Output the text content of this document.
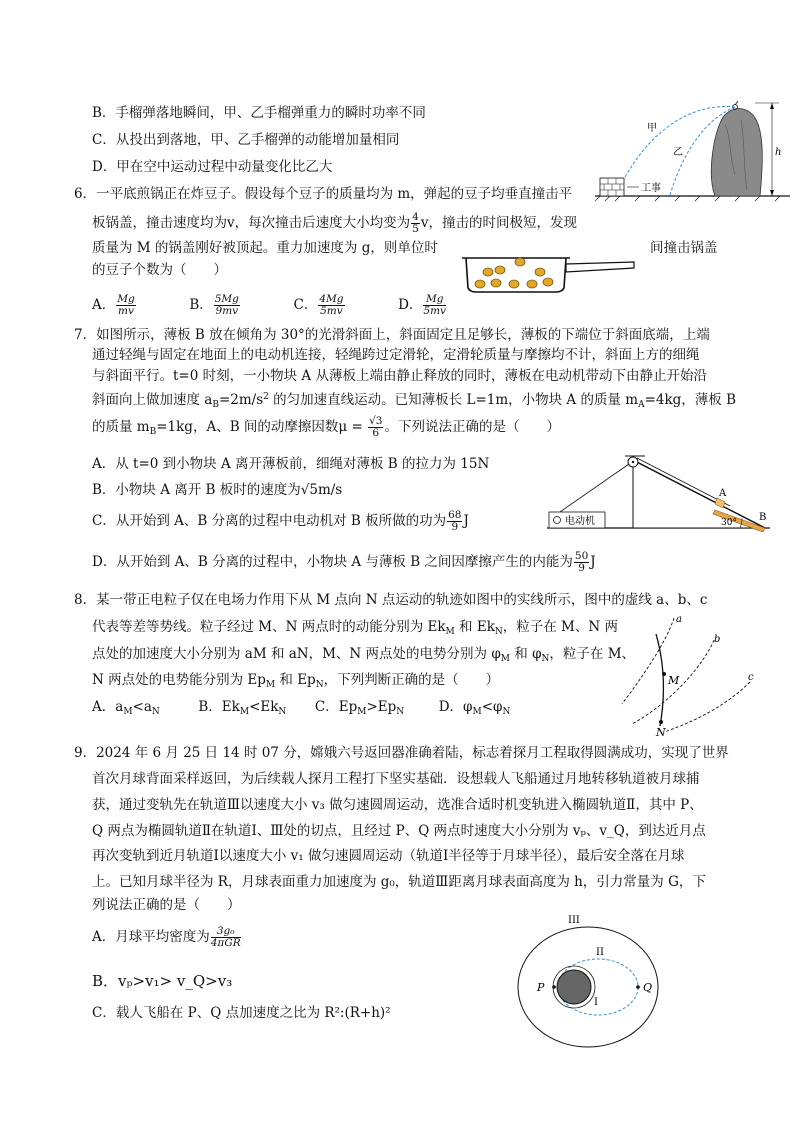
B．手榴弹落地瞬间，甲、乙手榴弹重力的瞬时功率不同
C．从投出到落地，甲、乙手榴弹的动能增加量相同
D．甲在空中运动过程中动量变化比乙大
h
甲
乙
工事
6．一平底煎锅正在炸豆子。假设每个豆子的质量均为 m，弹起的豆子均垂直撞击平
板锅盖，撞击速度均为v，每次撞击后速度大小均变为 $\frac{4}{5}$ v，撞击的时间极短，发现
质量为 M 的锅盖刚好被顶起。重力加速度为 g，则单位时	间撞击锅盖
的豆子个数为（　　）
A． $\frac{Mg}{mv}$	B． $\frac{5Mg}{9mv}$	C． $\frac{4Mg}{5mv}$	D． $\frac{Mg}{5mv}$
7．如图所示，薄板 B 放在倾角为 30°的光滑斜面上，斜面固定且足够长，薄板的下端位于斜面底端，上端
通过轻绳与固定在地面上的电动机连接，轻绳跨过定滑轮，定滑轮质量与摩擦均不计，斜面上方的细绳
与斜面平行。t=0 时刻，一小物块 A 从薄板上端由静止释放的同时，薄板在电动机带动下由静止开始沿
斜面向上做加速度 $a_B=2m/s^2$ 的匀加速直线运动。已知薄板长 L=1m，小物块 A 的质量 $m_A=4kg$，薄板 B
的质量 $m_B=1kg$，A、B 间的动摩擦因数$\mu = \frac{√3}{6}$ 。下列说法正确的是（　　）
A．从 t=0 到小物块 A 离开薄板前，细绳对薄板 B 的拉力为 15N
B．小物块 A 离开 B 板时的速度为√5m/s
C．从开始到 A、B 分离的过程中电动机对 B 板所做的功为 $\frac{68}{9}$ J
D．从开始到 A、B 分离的过程中，小物块 A 与薄板 B 之间因摩擦产生的内能为 $\frac{50}{9}$ J
电动机
A
B
30°
8．某一带正电粒子仅在电场力作用下从 M 点向 N 点运动的轨迹如图中的实线所示，图中的虚线 a、b、c
代表等差等势线。粒子经过 M、N 两点时的动能分别为 $Ek_M$ 和 $Ek_N$，粒子在 M、N 两
点处的加速度大小分别为 aM 和 aN，M、N 两点处的电势分别为 $\varphi_M$ 和 $\varphi_N$，粒子在 M、
N 两点处的电势能分别为 $Ep_M$ 和 $Ep_N$，下列判断正确的是（　　）
A．$a_M<a_N$	B．$Ek_M<Ek_N$ C．$Ep_M>Ep_N$	D．$\varphi_M<\varphi_N$
a
b
c
M
N
9．2024 年 6 月 25 日 14 时 07 分，嫦娥六号返回器准确着陆，标志着探月工程取得圆满成功，实现了世界
首次月球背面采样返回，为后续载人探月工程打下坚实基础．设想载人飞船通过月地转移轨道被月球捕
获，通过变轨先在轨道Ⅲ以速度大小 v₃ 做匀速圆周运动，选准合适时机变轨进入椭圆轨道Ⅱ，其中 P、
Q 两点为椭圆轨道Ⅱ在轨道Ⅰ、Ⅲ处的切点，且经过 P、Q 两点时速度大小分别为 vₚ、v_Q，到达近月点
再次变轨到近月轨道Ⅰ以速度大小 v₁ 做匀速圆周运动（轨道Ⅰ半径等于月球半径），最后安全落在月球
上。已知月球半径为 R，月球表面重力加速度为 g₀，轨道Ⅲ距离月球表面高度为 h，引力常量为 G，下
列说法正确的是（　　）
A．月球平均密度为 $\frac{\text{3g₀}}{\text{4πGR}}$
B．vₚ>v₁> v_Q>v₃
C．载人飞船在 P、Q 点加速度之比为 R²:(R+h)²
III
II
I
P	Q
